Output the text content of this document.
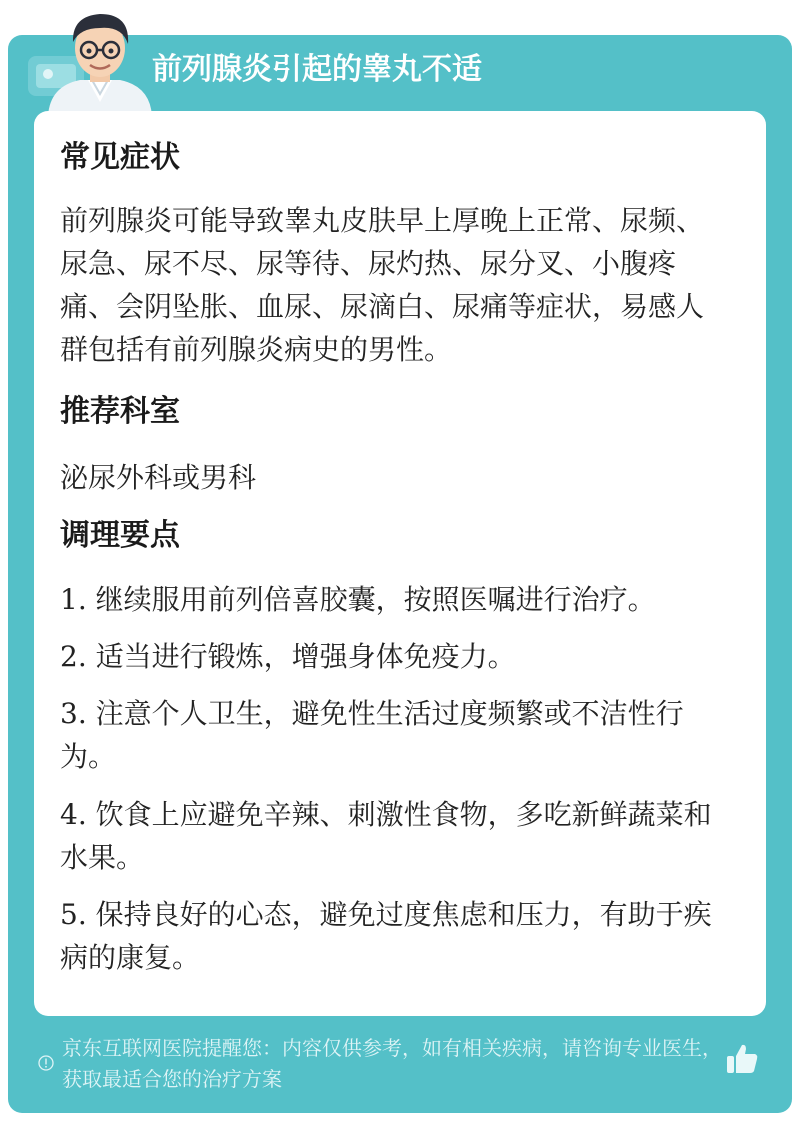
前列腺炎引起的睾丸不适
常见症状
前列腺炎可能导致睾丸皮肤早上厚晚上正常、尿频、尿急、尿不尽、尿等待、尿灼热、尿分叉、小腹疼痛、会阴坠胀、血尿、尿滴白、尿痛等症状，易感人群包括有前列腺炎病史的男性。
推荐科室
泌尿外科或男科
调理要点
1. 继续服用前列倍喜胶囊，按照医嘱进行治疗。
2. 适当进行锻炼，增强身体免疫力。
3. 注意个人卫生，避免性生活过度频繁或不洁性行为。
4. 饮食上应避免辛辣、刺激性食物，多吃新鲜蔬菜和水果。
5. 保持良好的心态，避免过度焦虑和压力，有助于疾病的康复。
京东互联网医院提醒您：内容仅供参考，如有相关疾病，请咨询专业医生，获取最适合您的治疗方案
